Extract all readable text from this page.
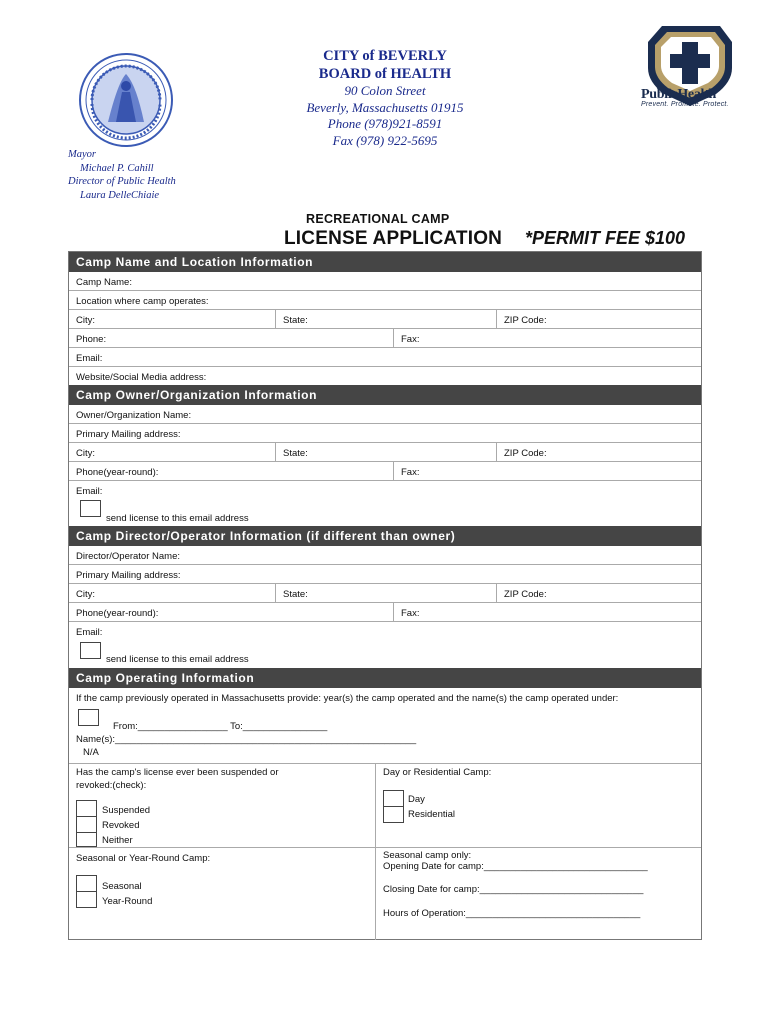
CITY of BEVERLY
BOARD of HEALTH
90 Colon Street
Beverly, Massachusetts 01915
Phone (978)921-8591
Fax (978) 922-5695
PublicHealth
Prevent. Promote. Protect.
Mayor
Michael P. Cahill
Director of Public Health
Laura DelleChiaie
RECREATIONAL CAMP
LICENSE APPLICATION *PERMIT FEE $100
Camp Name and Location Information
Camp Name:
Location where camp operates:
City:	State:	ZIP Code:
Phone:	Fax:
Email:
Website/Social Media address:
Camp Owner/Organization Information
Owner/Organization Name:
Primary Mailing address:
City:	State:	ZIP Code:
Phone(year-round):	Fax:
Email:
send license to this email address
Camp Director/Operator Information (if different than owner)
Director/Operator Name:
Primary Mailing address:
City:	State:	ZIP Code:
Phone(year-round):	Fax:
Email:
send license to this email address
Camp Operating Information
If the camp previously operated in Massachusetts provide: year(s) the camp operated and the name(s) the camp operated under:
From:_________________ To:________________
Name(s):_________________________________________________________
N/A
Has the camp's license ever been suspended or
revoked:(check):
Suspended
Revoked
Neither
Day or Residential Camp:
Day
Residential
Seasonal or Year-Round Camp:
Seasonal
Year-Round
Seasonal camp only:
Opening Date for camp:_______________________________
Closing Date for camp:_______________________________
Hours of Operation:_________________________________
